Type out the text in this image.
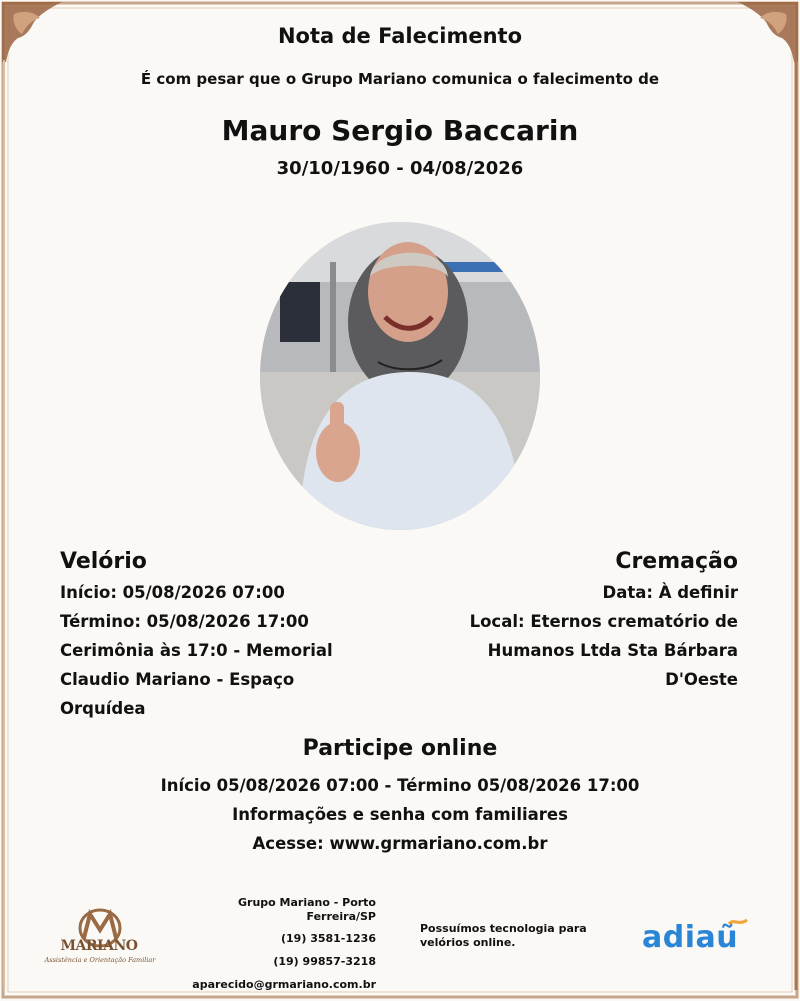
Nota de Falecimento
É com pesar que o Grupo Mariano comunica o falecimento de
Mauro Sergio Baccarin
30/10/1960 - 04/08/2026
Velório

Início: 05/08/2026 07:00

Término: 05/08/2026 17:00

Cerimônia às 17:0 - Memorial Claudio Mariano - Espaço Orquídea

Cremação

Data: À definir

Local: Eternos crematório de Humanos Ltda Sta Bárbara D'Oeste

Participe online
Início 05/08/2026 07:00 - Término 05/08/2026 17:00
Informações e senha com familiares
Acesse: www.grmariano.com.br
MARIANO
Assistência e Orientação Familiar

Grupo Mariano - Porto Ferreira/SP

(19) 3581-1236

(19) 99857-3218

aparecido@grmariano.com.br

Possuímos tecnologia para velórios online.	adiaũ
